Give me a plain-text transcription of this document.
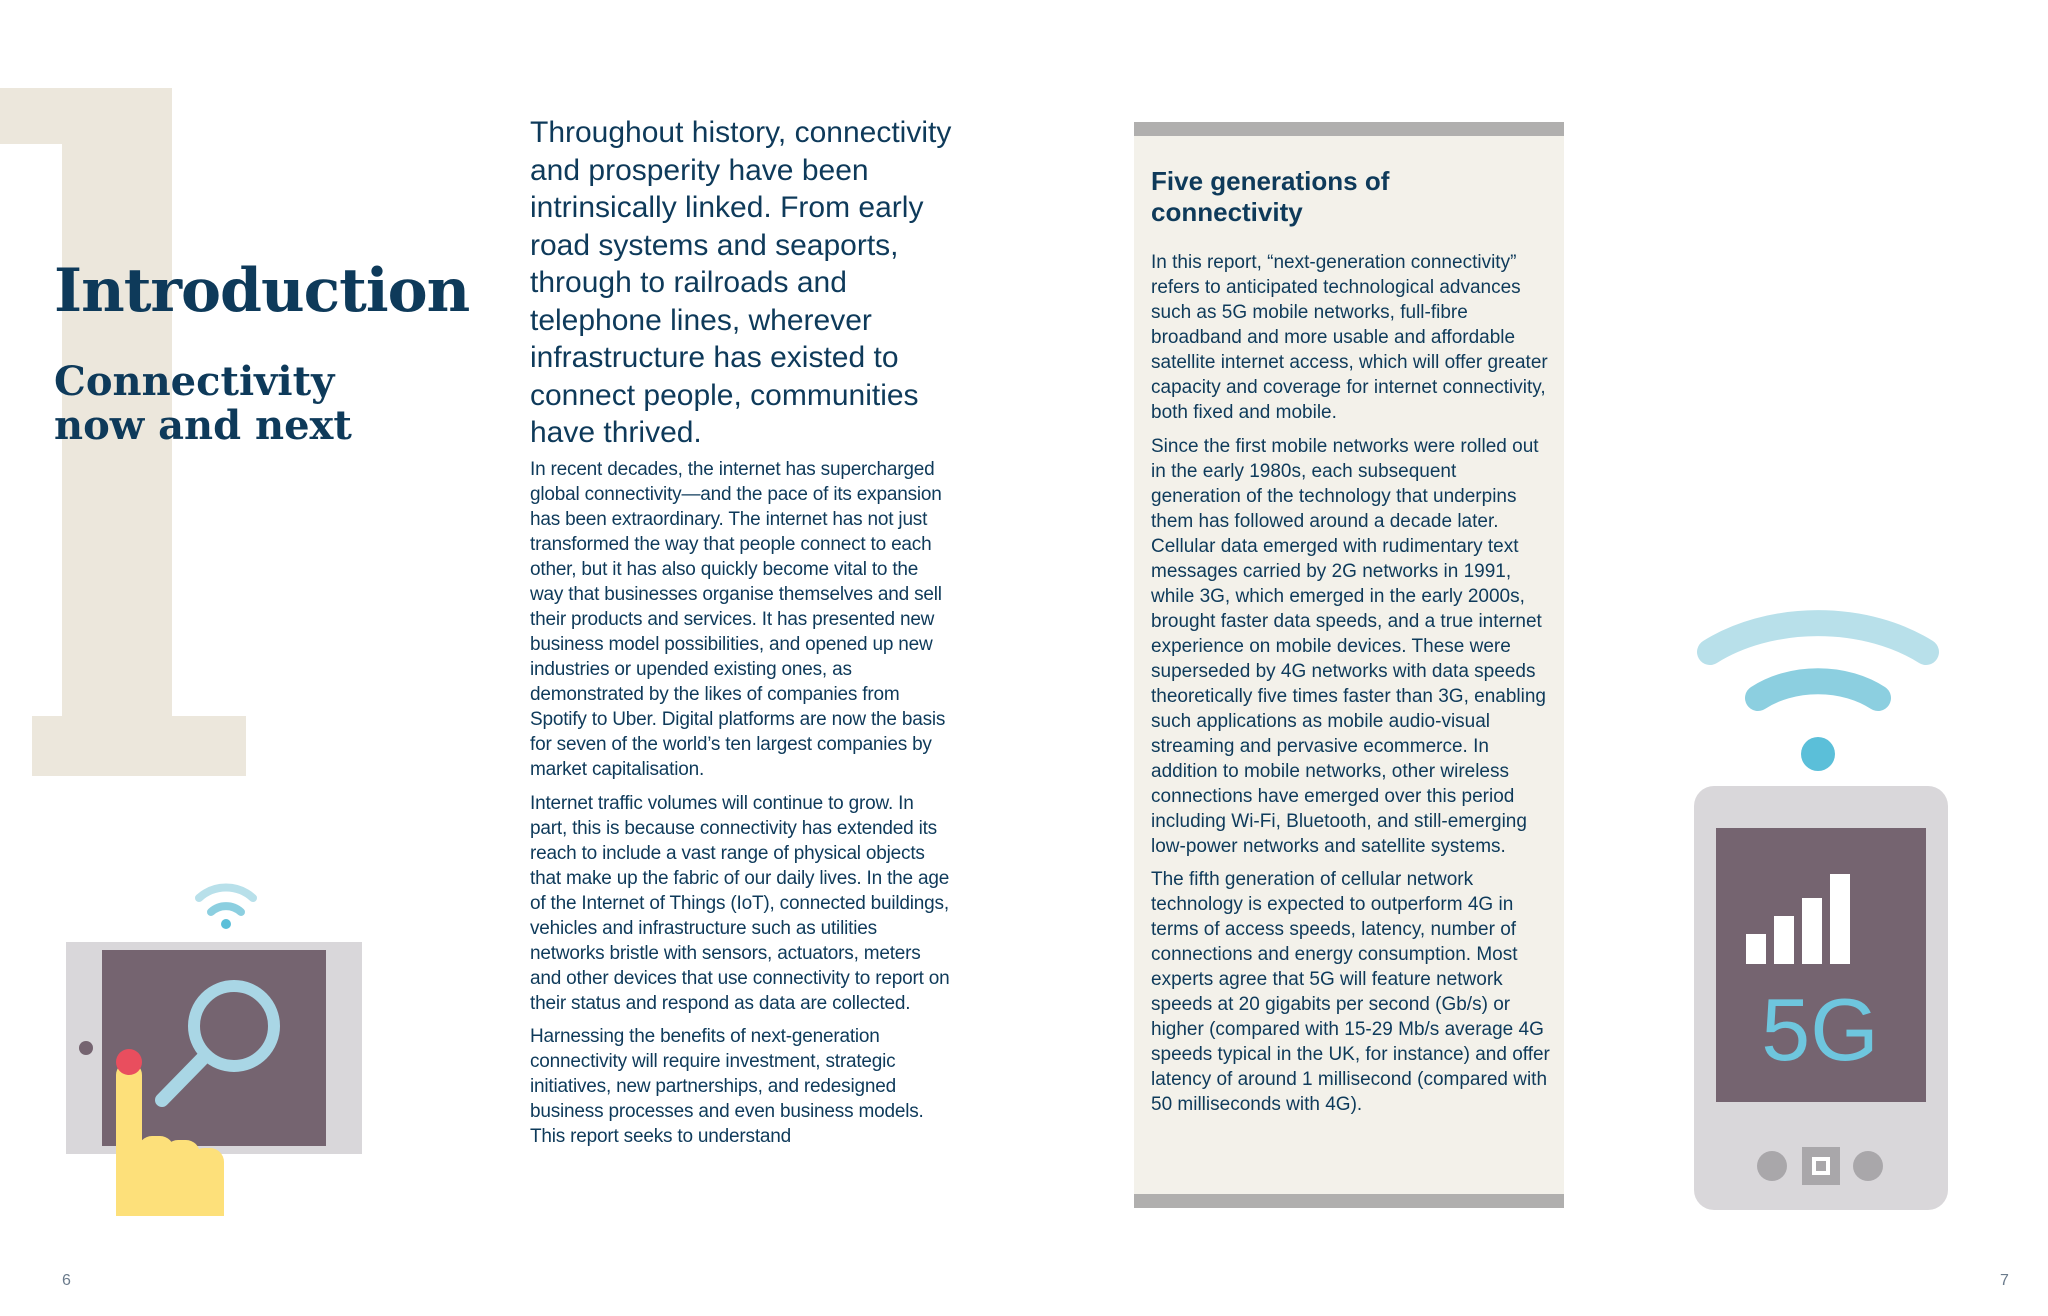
Introduction
Connectivity now and next

Throughout history, connectivity and prosperity have been intrinsically linked. From early road systems and seaports, through to railroads and telephone lines, wherever infrastructure has existed to connect people, communities have thrived.

In recent decades, the internet has supercharged global connectivity—and the pace of its expansion has been extraordinary. The internet has not just transformed the way that people connect to each other, but it has also quickly become vital to the way that businesses organise themselves and sell their products and services. It has presented new business model possibilities, and opened up new industries or upended existing ones, as demonstrated by the likes of companies from Spotify to Uber. Digital platforms are now the basis for seven of the world’s ten largest companies by market capitalisation.

Internet traffic volumes will continue to grow. In part, this is because connectivity has extended its reach to include a vast range of physical objects that make up the fabric of our daily lives. In the age of the Internet of Things (IoT), connected buildings, vehicles and infrastructure such as utilities networks bristle with sensors, actuators, meters and other devices that use connectivity to report on their status and respond as data are collected.

Harnessing the benefits of next-generation connectivity will require investment, strategic initiatives, new partnerships, and redesigned business processes and even business models. This report seeks to understand

Five generations of connectivity

In this report, “next-generation connectivity” refers to anticipated technological advances such as 5G mobile networks, full-fibre broadband and more usable and affordable satellite internet access, which will offer greater capacity and coverage for internet connectivity, both fixed and mobile.

Since the first mobile networks were rolled out in the early 1980s, each subsequent generation of the technology that underpins them has followed around a decade later. Cellular data emerged with rudimentary text messages carried by 2G networks in 1991, while 3G, which emerged in the early 2000s, brought faster data speeds, and a true internet experience on mobile devices. These were superseded by 4G networks with data speeds theoretically five times faster than 3G, enabling such applications as mobile audio-visual streaming and pervasive ecommerce. In addition to mobile networks, other wireless connections have emerged over this period including Wi-Fi, Bluetooth, and still-emerging low-power networks and satellite systems.

The fifth generation of cellular network technology is expected to outperform 4G in terms of access speeds, latency, number of connections and energy consumption. Most experts agree that 5G will feature network speeds at 20 gigabits per second (Gb/s) or higher (compared with 15-29 Mb/s average 4G speeds typical in the UK, for instance) and offer latency of around 1 millisecond (compared with 50 milliseconds with 4G).

5G

6	7
